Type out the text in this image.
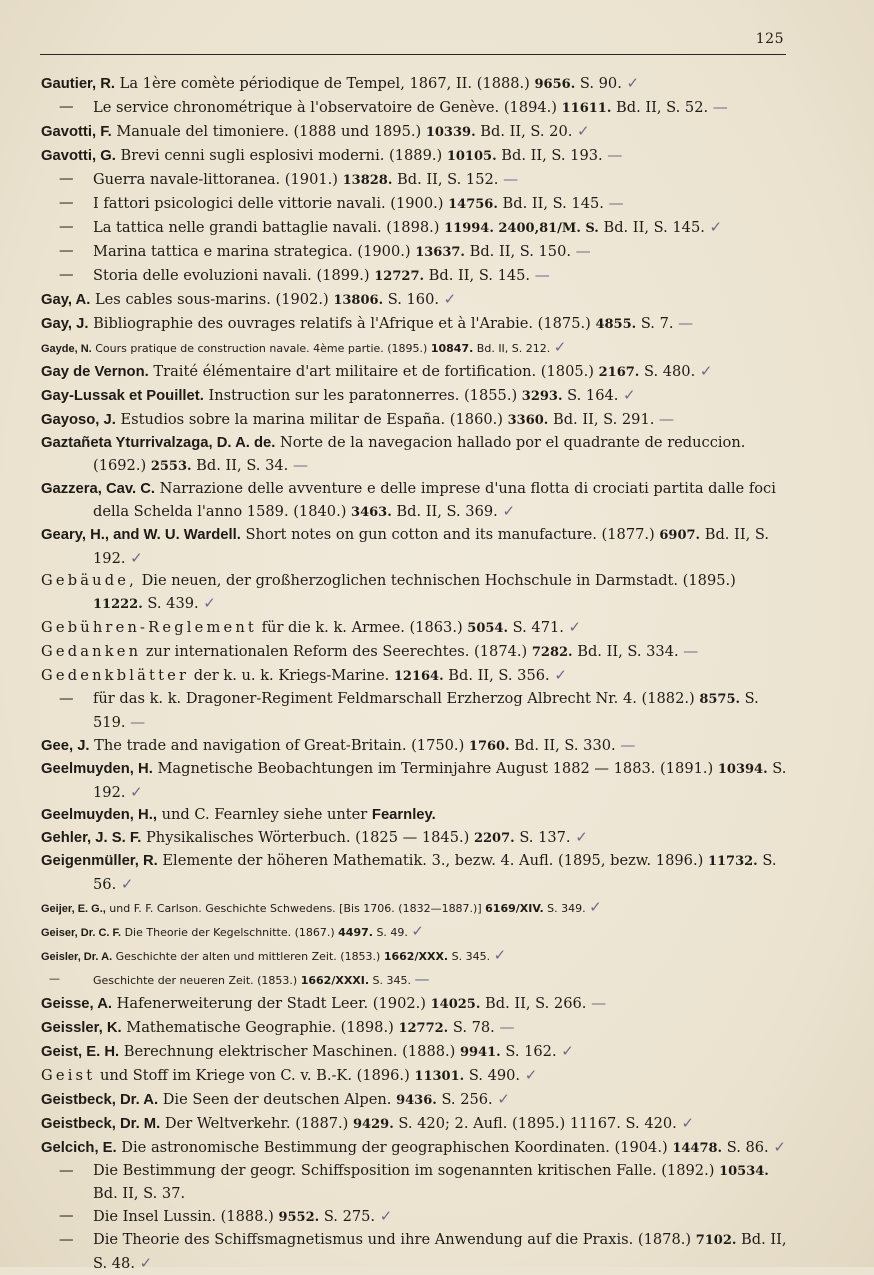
125
Gautier, R. La 1ère comète périodique de Tempel, 1867, II. (1888.) 9656. S. 90. ✓
— Le service chronométrique à l'observatoire de Genève. (1894.) 11611. Bd. II, S. 52. —
Gavotti, F. Manuale del timoniere. (1888 und 1895.) 10339. Bd. II, S. 20. ✓
Gavotti, G. Brevi cenni sugli esplosivi moderni. (1889.) 10105. Bd. II, S. 193. —
— Guerra navale-littoranea. (1901.) 13828. Bd. II, S. 152. —
— I fattori psicologici delle vittorie navali. (1900.) 14756. Bd. II, S. 145. —
— La tattica nelle grandi battaglie navali. (1898.) 11994. 2400,81/M. S. Bd. II, S. 145. ✓
— Marina tattica e marina strategica. (1900.) 13637. Bd. II, S. 150. —
— Storia delle evoluzioni navali. (1899.) 12727. Bd. II, S. 145. —
Gay, A. Les cables sous-marins. (1902.) 13806. S. 160. ✓
Gay, J. Bibliographie des ouvrages relatifs à l'Afrique et à l'Arabie. (1875.) 4855. S. 7. —
Gayde, N. Cours pratique de construction navale. 4ème partie. (1895.) 10847. Bd. II, S. 212. ✓
Gay de Vernon. Traité élémentaire d'art militaire et de fortification. (1805.) 2167. S. 480. ✓
Gay-Lussak et Pouillet. Instruction sur les paratonnerres. (1855.) 3293. S. 164. ✓
Gayoso, J. Estudios sobre la marina militar de España. (1860.) 3360. Bd. II, S. 291. —
Gaztañeta Yturrivalzaga, D. A. de. Norte de la navegacion hallado por el quadrante de reduccion. (1692.) 2553. Bd. II, S. 34. —
Gazzera, Cav. C. Narrazione delle avventure e delle imprese d'una flotta di crociati partita dalle foci della Schelda l'anno 1589. (1840.) 3463. Bd. II, S. 369. ✓
Geary, H., and W. U. Wardell. Short notes on gun cotton and its manufacture. (1877.) 6907. Bd. II, S. 192. ✓
Gebäude, Die neuen, der großherzoglichen technischen Hochschule in Darmstadt. (1895.) 11222. S. 439. ✓
Gebühren-Reglement für die k. k. Armee. (1863.) 5054. S. 471. ✓
Gedanken zur internationalen Reform des Seerechtes. (1874.) 7282. Bd. II, S. 334. —
Gedenkblätter der k. u. k. Kriegs-Marine. 12164. Bd. II, S. 356. ✓
— für das k. k. Dragoner-Regiment Feldmarschall Erzherzog Albrecht Nr. 4. (1882.) 8575. S. 519. —
Gee, J. The trade and navigation of Great-Britain. (1750.) 1760. Bd. II, S. 330. —
Geelmuyden, H. Magnetische Beobachtungen im Terminjahre August 1882 — 1883. (1891.) 10394. S. 192. ✓
Geelmuyden, H., und C. Fearnley siehe unter Fearnley.
Gehler, J. S. F. Physikalisches Wörterbuch. (1825 — 1845.) 2207. S. 137. ✓
Geigenmüller, R. Elemente der höheren Mathematik. 3., bezw. 4. Aufl. (1895, bezw. 1896.) 11732. S. 56. ✓
Geijer, E. G., und F. F. Carlson. Geschichte Schwedens. [Bis 1706. (1832—1887.)] 6169/XIV. S. 349. ✓
Geiser, Dr. C. F. Die Theorie der Kegelschnitte. (1867.) 4497. S. 49. ✓
Geisler, Dr. A. Geschichte der alten und mittleren Zeit. (1853.) 1662/XXX. S. 345. ✓
—	Geschichte der neueren Zeit. (1853.) 1662/XXXI. S. 345. —
Geisse, A. Hafenerweiterung der Stadt Leer. (1902.) 14025. Bd. II, S. 266. —
Geissler, K. Mathematische Geographie. (1898.) 12772. S. 78. —
Geist, E. H. Berechnung elektrischer Maschinen. (1888.) 9941. S. 162. ✓
Geist und Stoff im Kriege von C. v. B.-K. (1896.) 11301. S. 490. ✓
Geistbeck, Dr. A. Die Seen der deutschen Alpen. 9436. S. 256. ✓
Geistbeck, Dr. M. Der Weltverkehr. (1887.) 9429. S. 420; 2. Aufl. (1895.) 11167. S. 420. ✓
Gelcich, E. Die astronomische Bestimmung der geographischen Koordinaten. (1904.) 14478. S. 86. ✓
— Die Bestimmung der geogr. Schiffsposition im sogenannten kritischen Falle. (1892.) 10534. Bd. II, S. 37.
— Die Insel Lussin. (1888.) 9552. S. 275. ✓
— Die Theorie des Schiffsmagnetismus und ihre Anwendung auf die Praxis. (1878.) 7102. Bd. II, S. 48. ✓
